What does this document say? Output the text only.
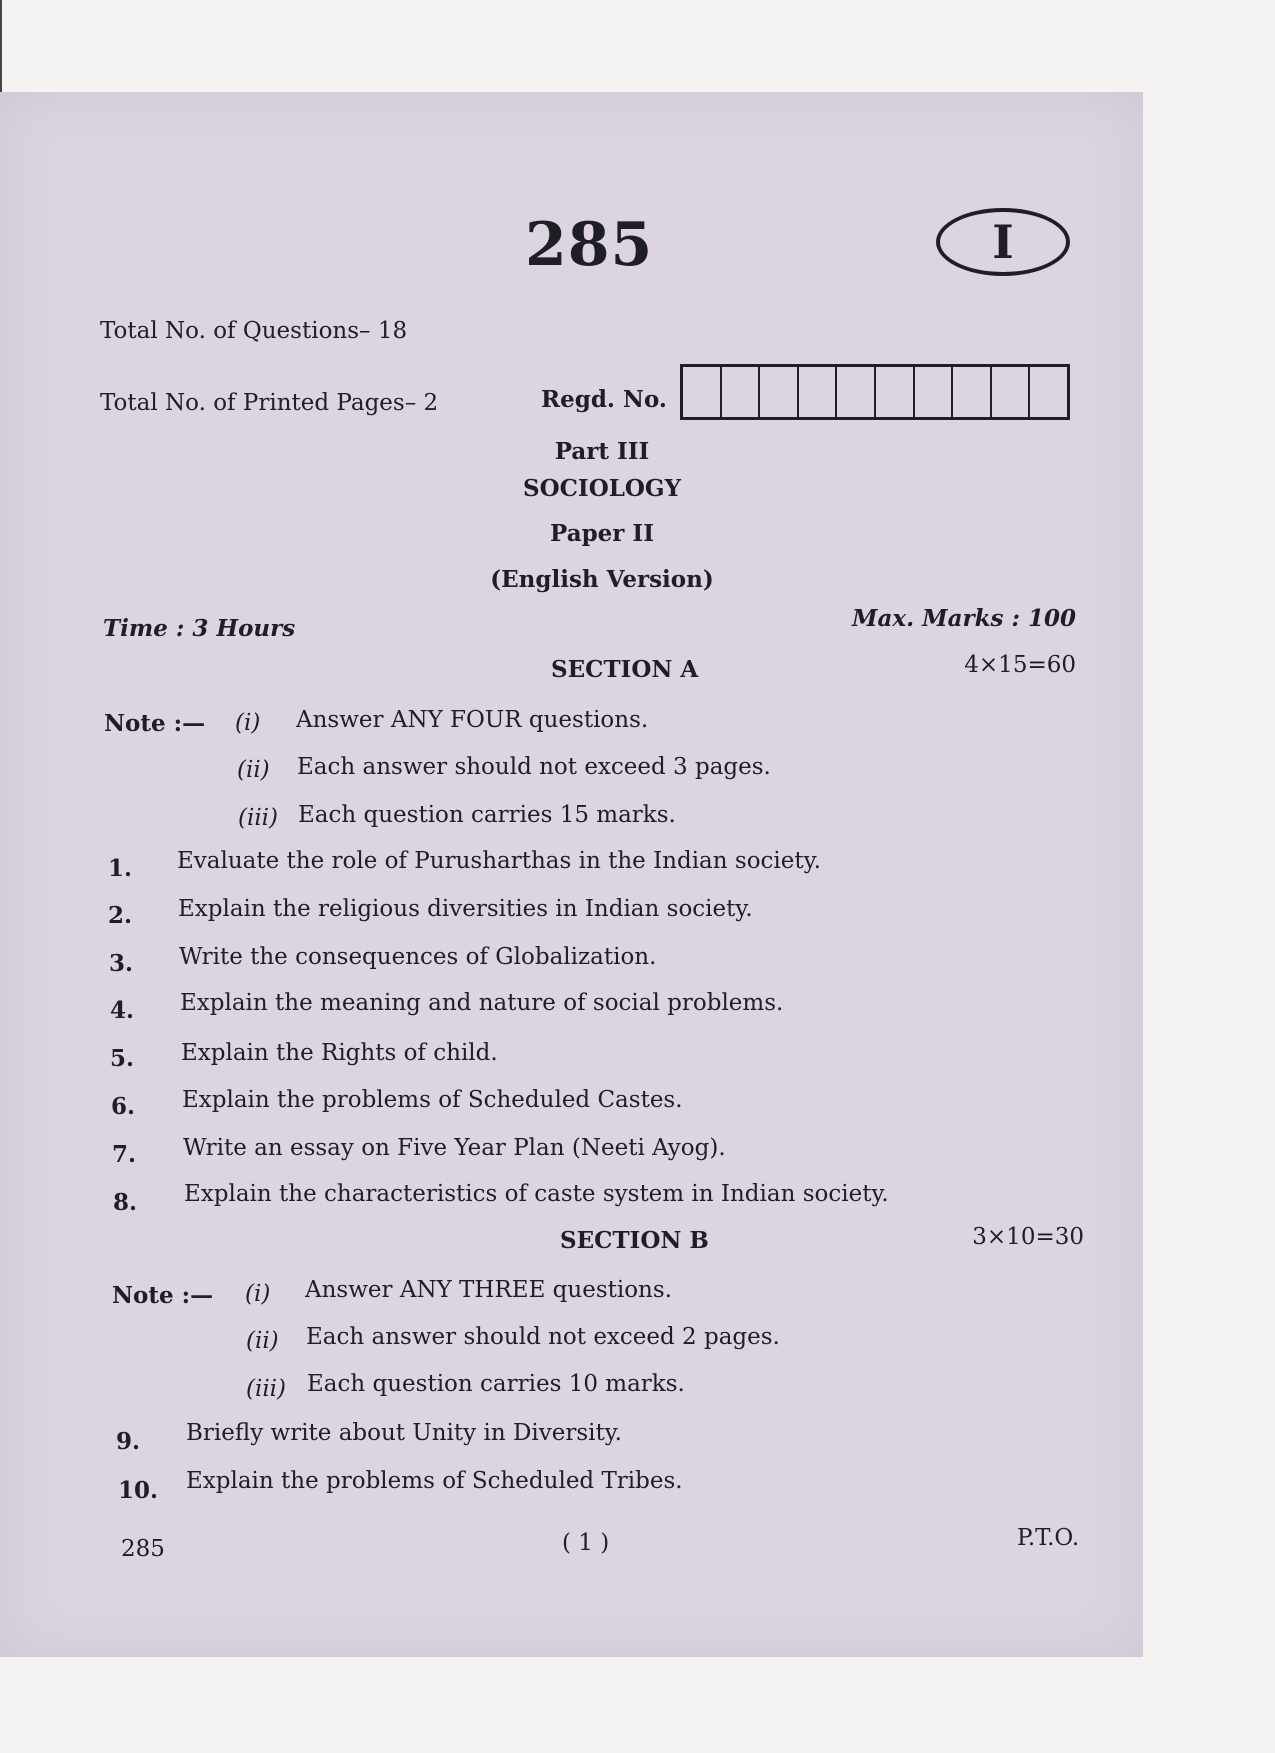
285	I
Total No. of Questions– 18
Total No. of Printed Pages– 2	Regd. No.
Part III
SOCIOLOGY
Paper II
(English Version)
Time : 3 Hours	Max. Marks : 100
SECTION A	4×15=60
Note :— (i) Answer ANY FOUR questions.
(ii) Each answer should not exceed 3 pages.
(iii) Each question carries 15 marks.
1. Evaluate the role of Purusharthas in the Indian society.
2. Explain the religious diversities in Indian society.
3. Write the consequences of Globalization.
4. Explain the meaning and nature of social problems.
5. Explain the Rights of child.
6. Explain the problems of Scheduled Castes.
7. Write an essay on Five Year Plan (Neeti Ayog).
8. Explain the characteristics of caste system in Indian society.
SECTION B	3×10=30
Note :— (i) Answer ANY THREE questions.
(ii) Each answer should not exceed 2 pages.
(iii) Each question carries 10 marks.
9. Briefly write about Unity in Diversity.
10. Explain the problems of Scheduled Tribes.
285	( 1 )	P.T.O.
